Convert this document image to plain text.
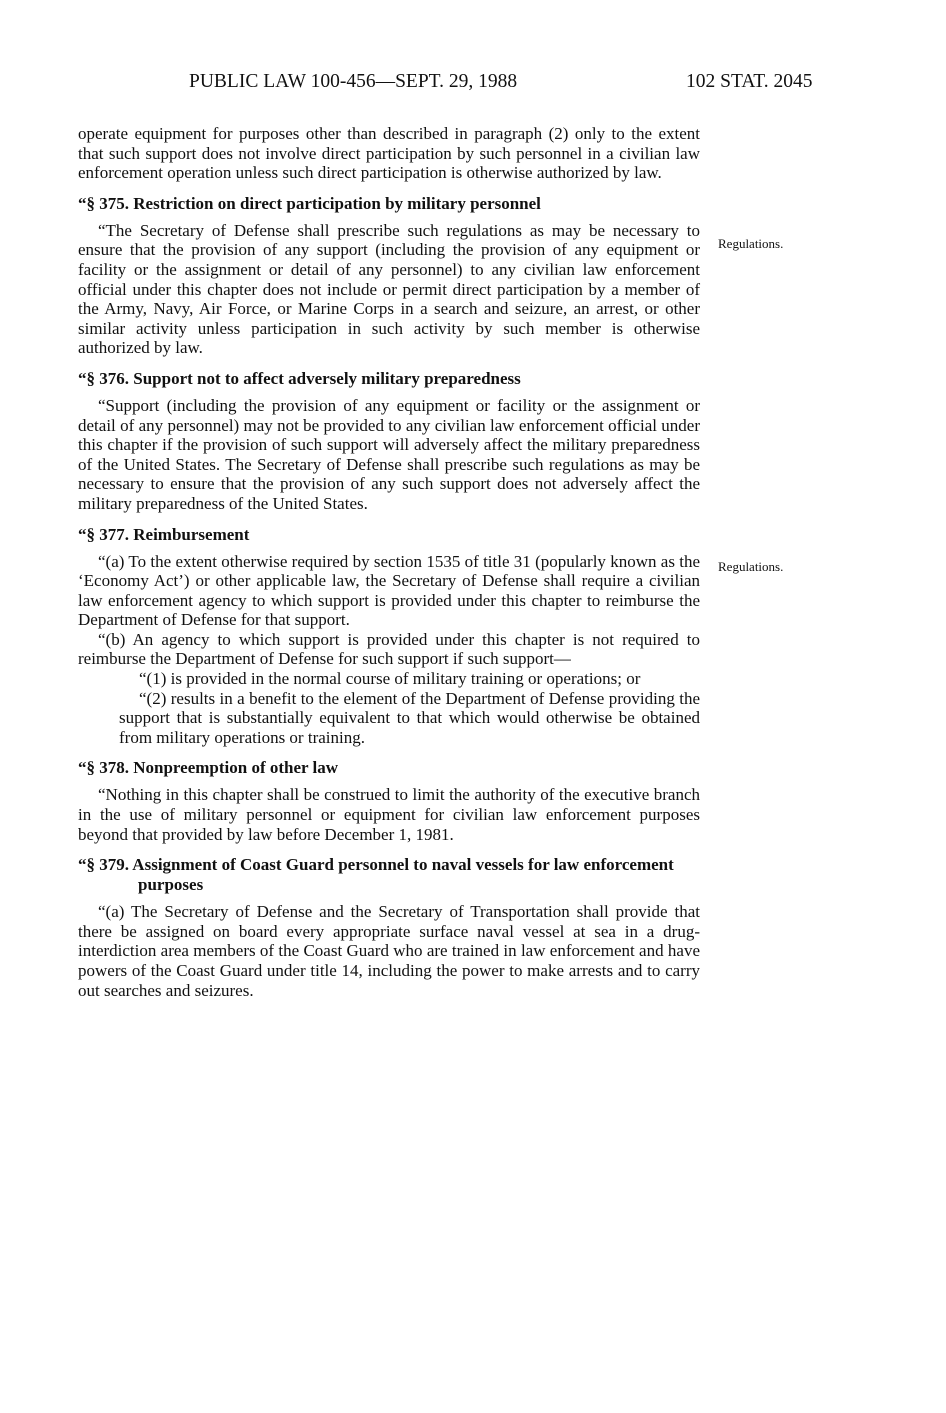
PUBLIC LAW 100-456—SEPT. 29, 1988	102 STAT. 2045
Regulations.
Regulations.

operate equipment for purposes other than described in paragraph (2) only to the extent that such support does not involve direct participation by such personnel in a civilian law enforcement operation unless such direct participation is otherwise authorized by law.

“§ 375. Restriction on direct participation by military personnel

“The Secretary of Defense shall prescribe such regulations as may be necessary to ensure that the provision of any support (including the provision of any equipment or facility or the assignment or detail of any personnel) to any civilian law enforcement official under this chapter does not include or permit direct participation by a member of the Army, Navy, Air Force, or Marine Corps in a search and seizure, an arrest, or other similar activity unless participation in such activity by such member is otherwise authorized by law.

“§ 376. Support not to affect adversely military preparedness

“Support (including the provision of any equipment or facility or the assignment or detail of any personnel) may not be provided to any civilian law enforcement official under this chapter if the provision of such support will adversely affect the military preparedness of the United States. The Secretary of Defense shall prescribe such regulations as may be necessary to ensure that the provision of any such support does not adversely affect the military preparedness of the United States.

“§ 377. Reimbursement

“(a) To the extent otherwise required by section 1535 of title 31 (popularly known as the ‘Economy Act’) or other applicable law, the Secretary of Defense shall require a civilian law enforcement agency to which support is provided under this chapter to reimburse the Department of Defense for that support.

“(b) An agency to which support is provided under this chapter is not required to reimburse the Department of Defense for such support if such support—

“(1) is provided in the normal course of military training or operations; or

“(2) results in a benefit to the element of the Department of Defense providing the support that is substantially equivalent to that which would otherwise be obtained from military operations or training.

“§ 378. Nonpreemption of other law

“Nothing in this chapter shall be construed to limit the authority of the executive branch in the use of military personnel or equipment for civilian law enforcement purposes beyond that provided by law before December 1, 1981.

“§ 379. Assignment of Coast Guard personnel to naval vessels for law enforcement purposes

“(a) The Secretary of Defense and the Secretary of Transportation shall provide that there be assigned on board every appropriate surface naval vessel at sea in a drug-interdiction area members of the Coast Guard who are trained in law enforcement and have powers of the Coast Guard under title 14, including the power to make arrests and to carry out searches and seizures.
